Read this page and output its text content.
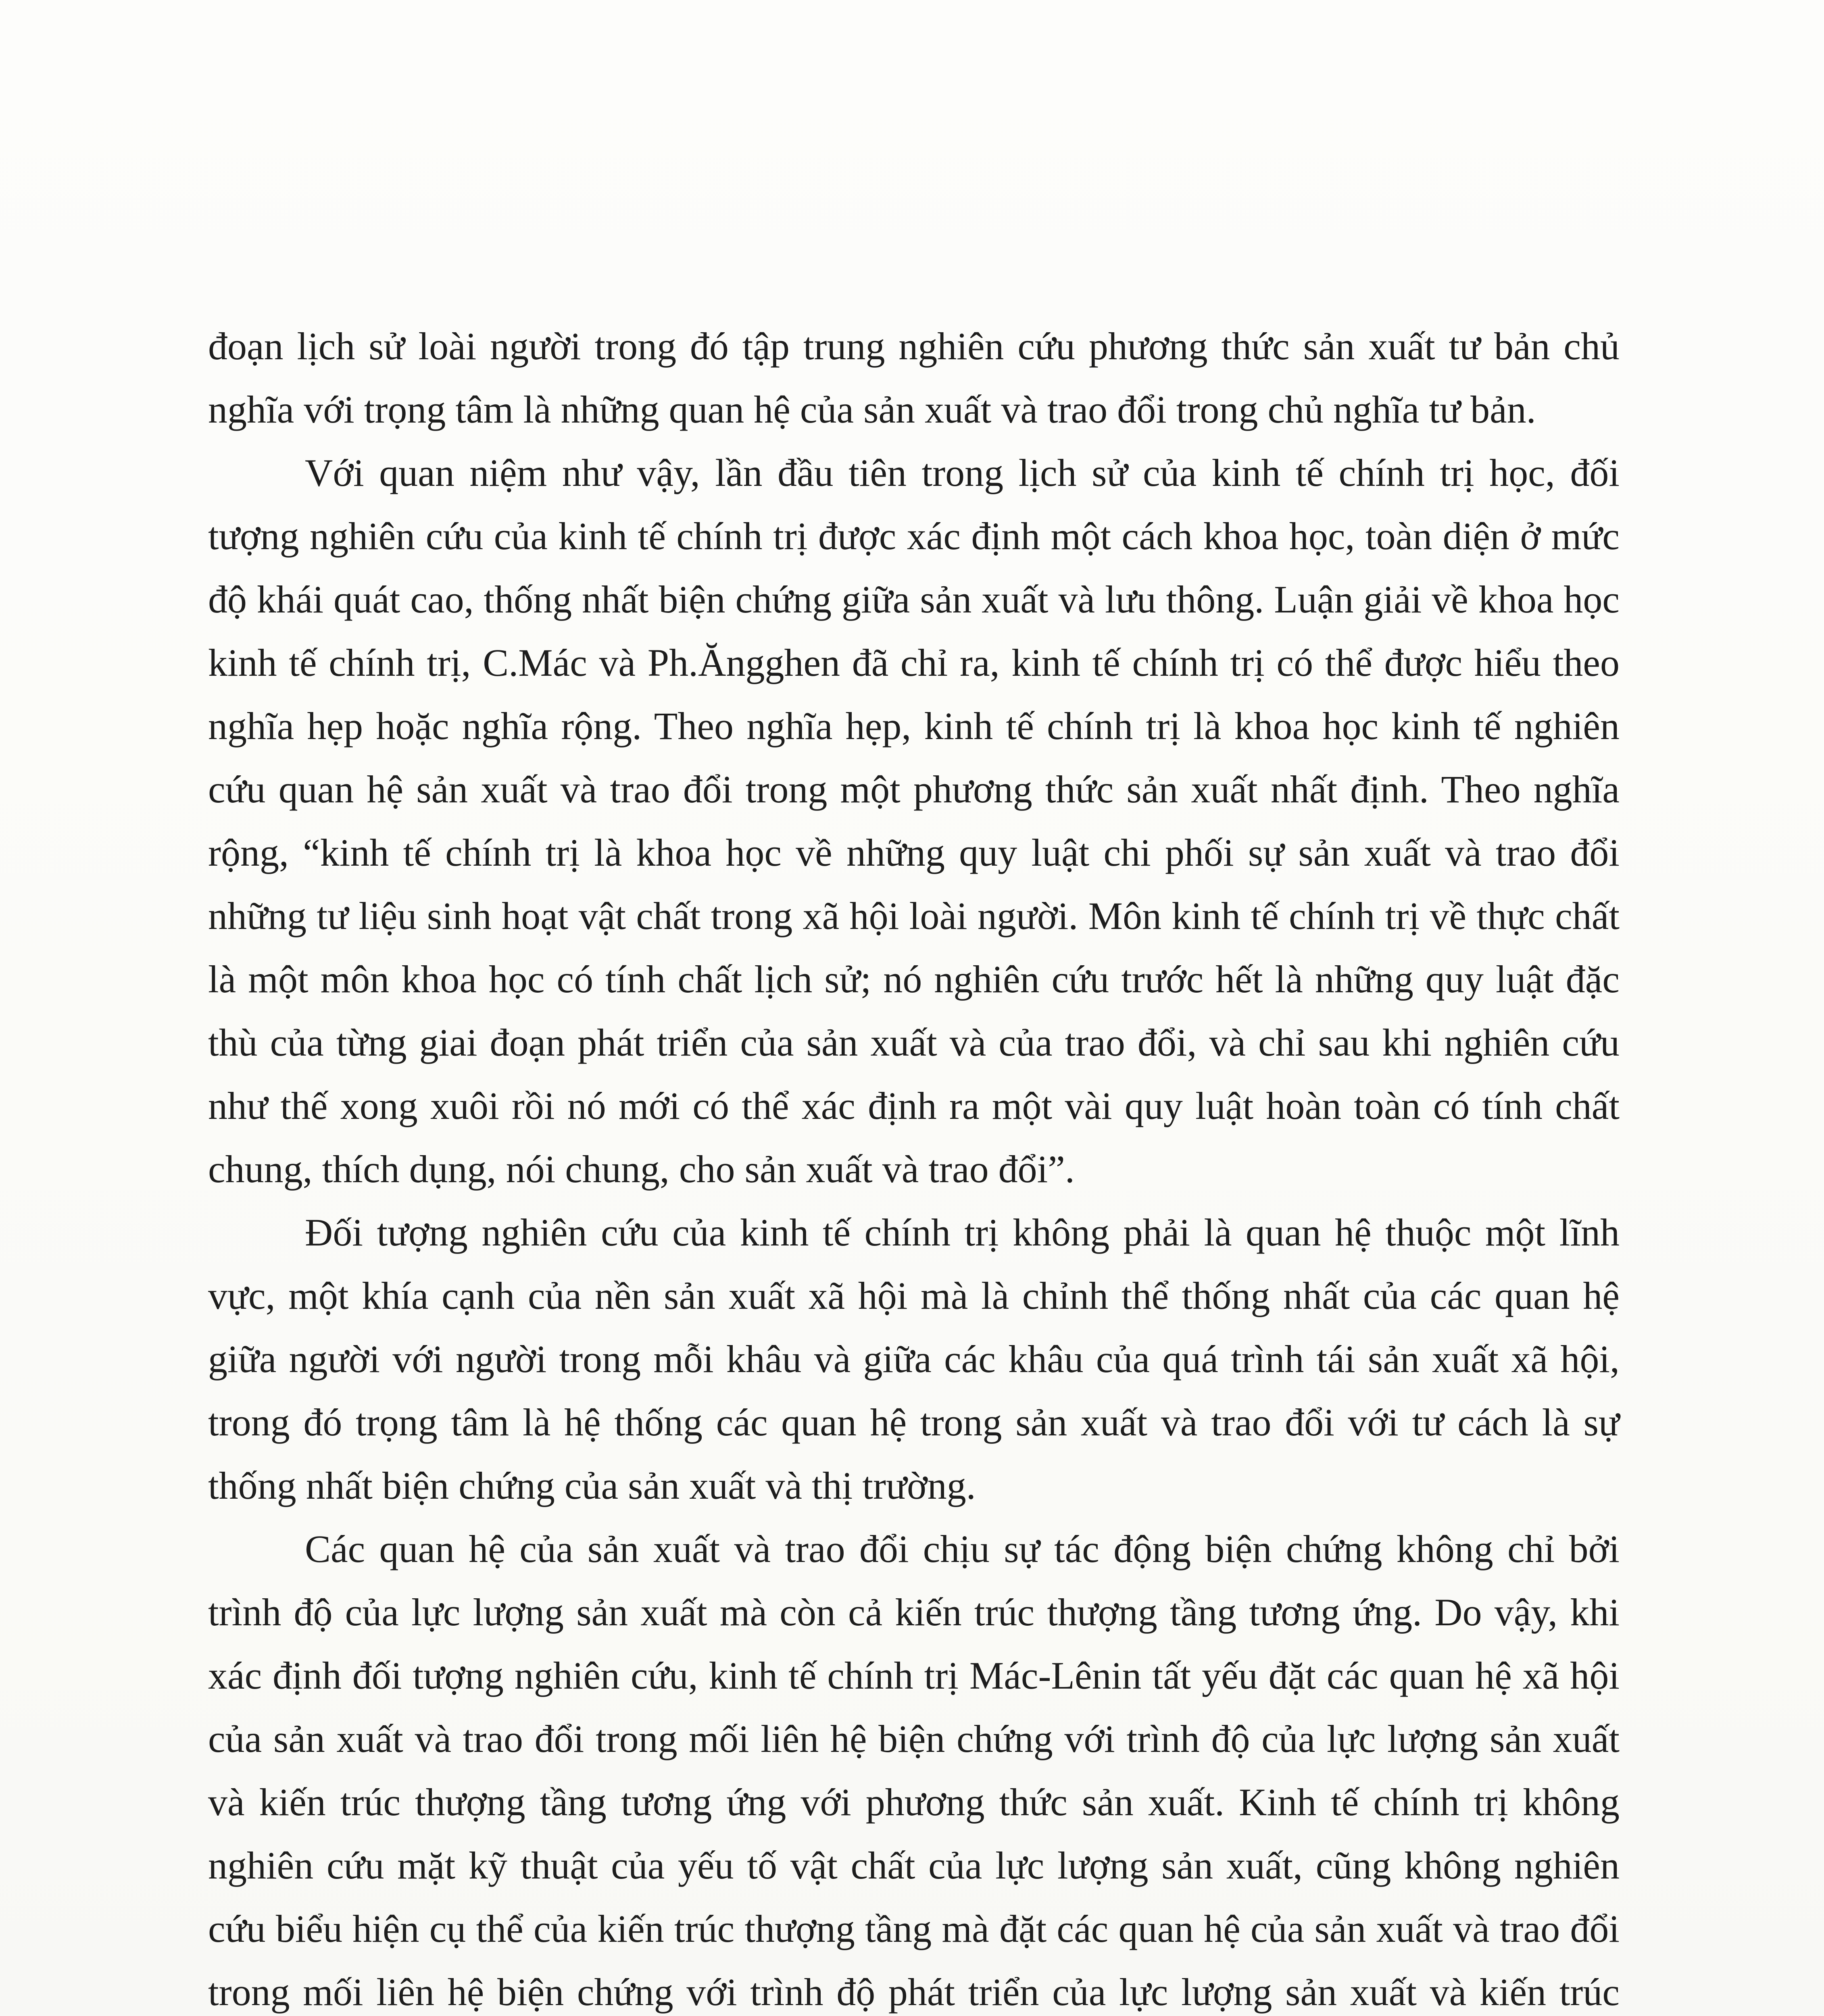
đoạn lịch sử loài người trong đó tập trung nghiên cứu phương thức sản xuất tư bản chủ nghĩa với trọng tâm là những quan hệ của sản xuất và trao đổi trong chủ nghĩa tư bản.

Với quan niệm như vậy, lần đầu tiên trong lịch sử của kinh tế chính trị học, đối tượng nghiên cứu của kinh tế chính trị được xác định một cách khoa học, toàn diện ở mức độ khái quát cao, thống nhất biện chứng giữa sản xuất và lưu thông. Luận giải về khoa học kinh tế chính trị, C.Mác và Ph.Ăngghen đã chỉ ra, kinh tế chính trị có thể được hiểu theo nghĩa hẹp hoặc nghĩa rộng. Theo nghĩa hẹp, kinh tế chính trị là khoa học kinh tế nghiên cứu quan hệ sản xuất và trao đổi trong một phương thức sản xuất nhất định. Theo nghĩa rộng, “kinh tế chính trị là khoa học về những quy luật chi phối sự sản xuất và trao đổi những tư liệu sinh hoạt vật chất trong xã hội loài người. Môn kinh tế chính trị về thực chất là một môn khoa học có tính chất lịch sử; nó nghiên cứu trước hết là những quy luật đặc thù của từng giai đoạn phát triển của sản xuất và của trao đổi, và chỉ sau khi nghiên cứu như thế xong xuôi rồi nó mới có thể xác định ra một vài quy luật hoàn toàn có tính chất chung, thích dụng, nói chung, cho sản xuất và trao đổi”.

Đối tượng nghiên cứu của kinh tế chính trị không phải là quan hệ thuộc một lĩnh vực, một khía cạnh của nền sản xuất xã hội mà là chỉnh thể thống nhất của các quan hệ giữa người với người trong mỗi khâu và giữa các khâu của quá trình tái sản xuất xã hội, trong đó trọng tâm là hệ thống các quan hệ trong sản xuất và trao đổi với tư cách là sự thống nhất biện chứng của sản xuất và thị trường.

Các quan hệ của sản xuất và trao đổi chịu sự tác động biện chứng không chỉ bởi trình độ của lực lượng sản xuất mà còn cả kiến trúc thượng tầng tương ứng. Do vậy, khi xác định đối tượng nghiên cứu, kinh tế chính trị Mác-Lênin tất yếu đặt các quan hệ xã hội của sản xuất và trao đổi trong mối liên hệ biện chứng với trình độ của lực lượng sản xuất và kiến trúc thượng tầng tương ứng với phương thức sản xuất. Kinh tế chính trị không nghiên cứu mặt kỹ thuật của yếu tố vật chất của lực lượng sản xuất, cũng không nghiên cứu biểu hiện cụ thể của kiến trúc thượng tầng mà đặt các quan hệ của sản xuất và trao đổi trong mối liên hệ biện chứng với trình độ phát triển của lực lượng sản xuất và kiến trúc
